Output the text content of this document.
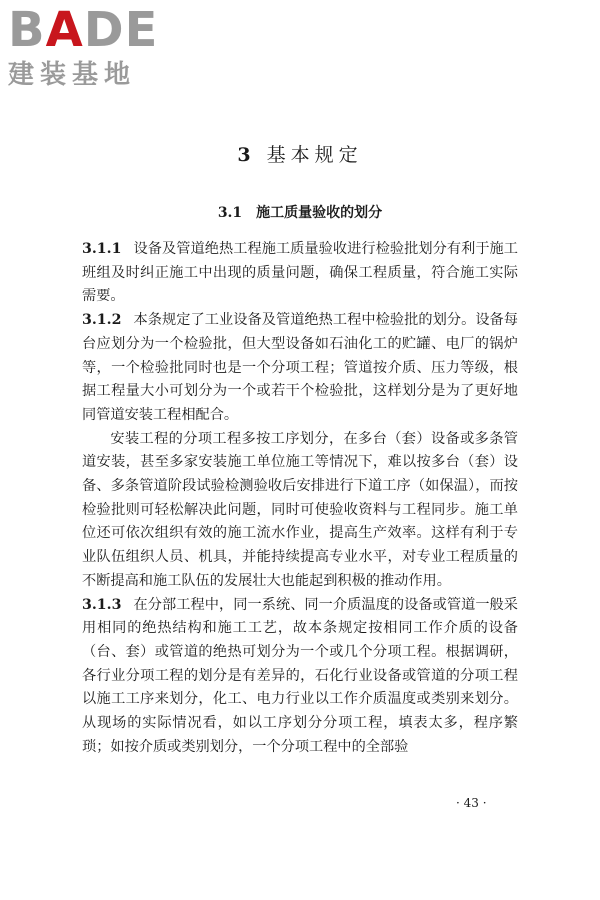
BADE
建装基地
3 基本规定
3.1 施工质量验收的划分

3.1.1 设备及管道绝热工程施工质量验收进行检验批划分有利于施工班组及时纠正施工中出现的质量问题，确保工程质量，符合施工实际需要。

3.1.2 本条规定了工业设备及管道绝热工程中检验批的划分。设备每台应划分为一个检验批，但大型设备如石油化工的贮罐、电厂的锅炉等，一个检验批同时也是一个分项工程；管道按介质、压力等级，根据工程量大小可划分为一个或若干个检验批，这样划分是为了更好地同管道安装工程相配合。

安装工程的分项工程多按工序划分，在多台（套）设备或多条管道安装，甚至多家安装施工单位施工等情况下，难以按多台（套）设备、多条管道阶段试验检测验收后安排进行下道工序（如保温），而按检验批则可轻松解决此问题，同时可使验收资料与工程同步。施工单位还可依次组织有效的施工流水作业，提高生产效率。这样有利于专业队伍组织人员、机具，并能持续提高专业水平，对专业工程质量的不断提高和施工队伍的发展壮大也能起到积极的推动作用。

3.1.3 在分部工程中，同一系统、同一介质温度的设备或管道一般采用相同的绝热结构和施工工艺，故本条规定按相同工作介质的设备（台、套）或管道的绝热可划分为一个或几个分项工程。根据调研，各行业分项工程的划分是有差异的，石化行业设备或管道的分项工程以施工工序来划分，化工、电力行业以工作介质温度或类别来划分。从现场的实际情况看，如以工序划分分项工程，填表太多，程序繁琐；如按介质或类别划分，一个分项工程中的全部验

· 43 ·
